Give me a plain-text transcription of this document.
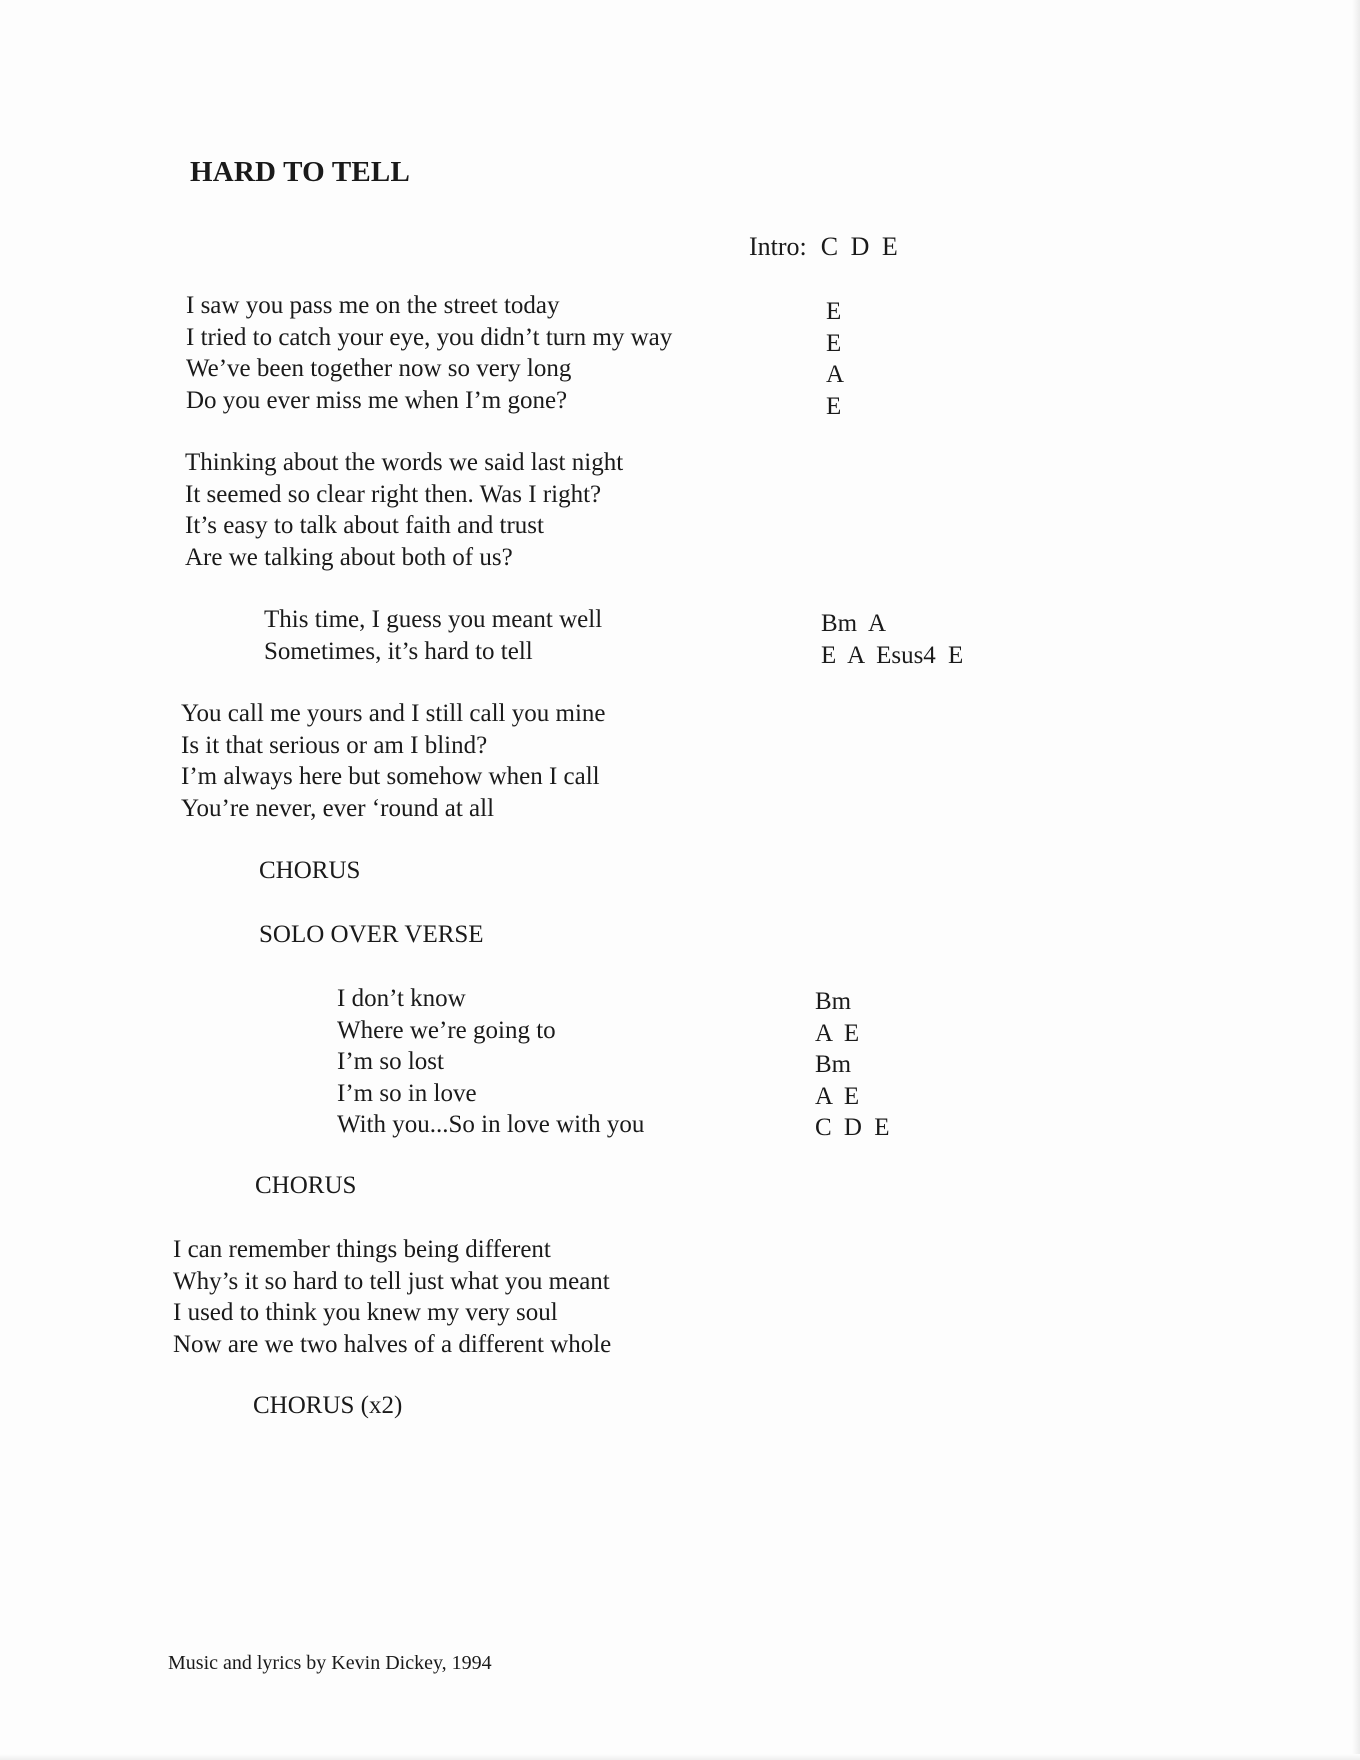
HARD TO TELL
Intro: C D E
I saw you pass me on the street today
I tried to catch your eye, you didn’t turn my way
We’ve been together now so very long
Do you ever miss me when I’m gone?
E
E
A
E
Thinking about the words we said last night
It seemed so clear right then. Was I right?
It’s easy to talk about faith and trust
Are we talking about both of us?
This time, I guess you meant well
Sometimes, it’s hard to tell
Bm A
E A Esus4 E
You call me yours and I still call you mine
Is it that serious or am I blind?
I’m always here but somehow when I call
You’re never, ever ‘round at all
CHORUS
SOLO OVER VERSE
I don’t know
Where we’re going to
I’m so lost
I’m so in love
With you...So in love with you
Bm
A E
Bm
A E
C D E
CHORUS
I can remember things being different
Why’s it so hard to tell just what you meant
I used to think you knew my very soul
Now are we two halves of a different whole
CHORUS (x2)
Music and lyrics by Kevin Dickey, 1994
